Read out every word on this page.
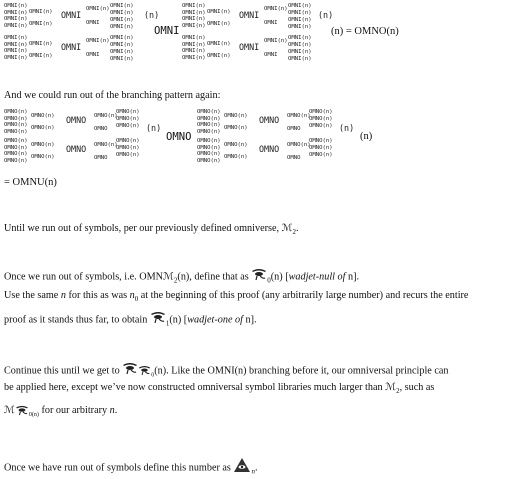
OMNI(n)
OMNI(n)
OMNI(n)
OMNI(n)
OMNI(n)
OMNI(n)
OMNI
OMNI(n) OMNI(n)
OMNI(n)
OMNI(n)
OMNI(n)
OMNI
(n)
OMNI(n)
OMNI(n)
OMNI(n)
OMNI(n)
OMNI(n)
OMNI(n)
OMNI
OMNI(n) OMNI(n)
OMNI(n)
OMNI(n)
OMNI(n)
OMNI
OMNI
OMNI(n)
OMNI(n)
OMNI(n)
OMNI(n)
OMNI(n)
OMNI(n)
OMNI
OMNI(n) OMNI(n)
OMNI(n)
OMNI(n)
OMNI(n)
OMNI
(n)
OMNI(n)
OMNI(n)
OMNI(n)
OMNI(n)
OMNI(n)
OMNI(n)
OMNI
OMNI(n) OMNI(n)
OMNI(n)
OMNI(n)
OMNI(n)
OMNI
(n) = OMNO(n)
And we could run out of the branching pattern again:
OMNO(n)
OMNO(n)
OMNO(n)
OMNO(n)
OMNO(n)
OMNO(n)
OMNO OMNO(n)
OMNO(n)
OMNO(n)
OMNO(n)
OMNO
OMNO(n)
OMNO(n)
OMNO(n)
OMNO(n)
OMNO(n)
OMNO(n)
OMNO OMNO(n)
OMNO(n)
OMNO(n)
OMNO(n)
OMNO
(n)
OMNO
OMNO(n)
OMNO(n)
OMNO(n)
OMNO(n)
OMNO(n)
OMNO(n)
OMNO OMNO(n)
OMNO(n)
OMNO(n)
OMNO(n)
OMNO
OMNO(n)
OMNO(n)
OMNO(n)
OMNO(n)
OMNO(n)
OMNO(n)
OMNO OMNO(n)
OMNO(n)
OMNO(n)
OMNO(n)
OMNO
(n)
(n)
= OMNU(n)
Until we run out of symbols, per our previously defined omniverse, ℳ$_2$.
Once we run out of symbols, i.e. OMNℳ$_2$(n), define that as $_0$(n) [wadjet-null of n].
Use the same n for this as was $n_0$ at the beginning of this proof (any arbitrarily large number) and recurs the entire
proof as it stands thus far, to obtain $_1$(n) [wadjet-one of n].
Continue this until we get to	$_0$(n). Like the OMNI(n) branching before it, our omniversal principle can
be applied here, except we’ve now constructed omniversal symbol libraries much larger than ℳ$_2$, such as
ℳ $_{0(n)}$ for our arbitrary n.
Once we have run out of symbols define this number as	$_n$.
